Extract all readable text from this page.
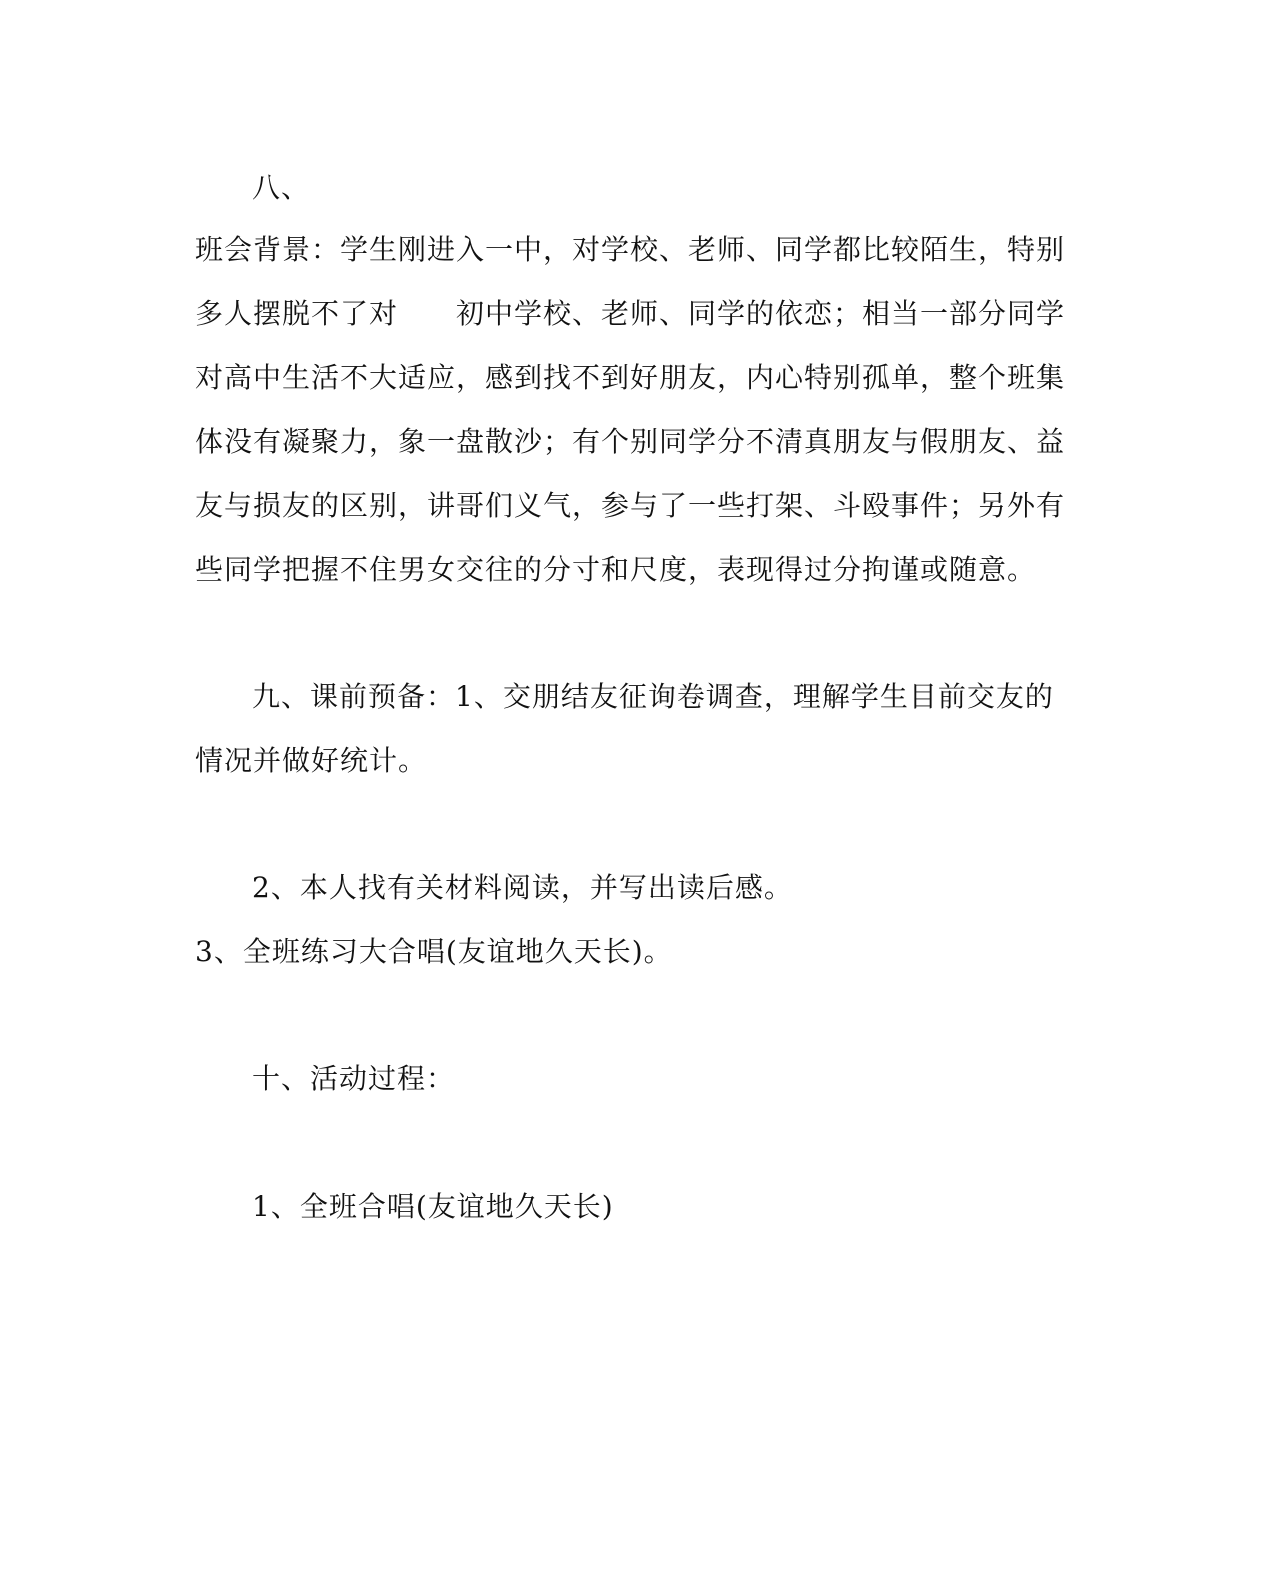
八、
班会背景：学生刚进入一中，对学校、老师、同学都比较陌生，特别
多人摆脱不了对 初中学校、老师、同学的依恋；相当一部分同学
对高中生活不大适应，感到找不到好朋友，内心特别孤单，整个班集
体没有凝聚力，象一盘散沙；有个别同学分不清真朋友与假朋友、益
友与损友的区别，讲哥们义气，参与了一些打架、斗殴事件；另外有
些同学把握不住男女交往的分寸和尺度，表现得过分拘谨或随意。
九、课前预备：1、交朋结友征询卷调查，理解学生目前交友的
情况并做好统计。
2、本人找有关材料阅读，并写出读后感。
3、全班练习大合唱(友谊地久天长)。
十、活动过程：
1、全班合唱(友谊地久天长)
